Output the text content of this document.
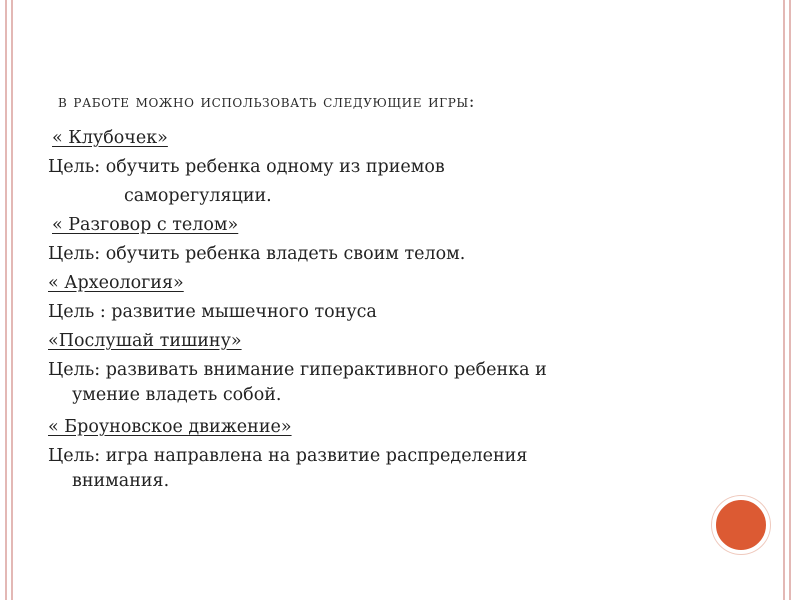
в работе можно использовать следующие игры:
« Клубочек»
Цель: обучить ребенка одному из приемов
саморегуляции.
« Разговор с телом»
Цель: обучить ребенка владеть своим телом.
« Археология»
Цель : развитие мышечного тонуса
«Послушай тишину»
Цель: развивать внимание гиперактивного ребенка и
умение владеть собой.
« Броуновское движение»
Цель: игра направлена на развитие распределения
внимания.
